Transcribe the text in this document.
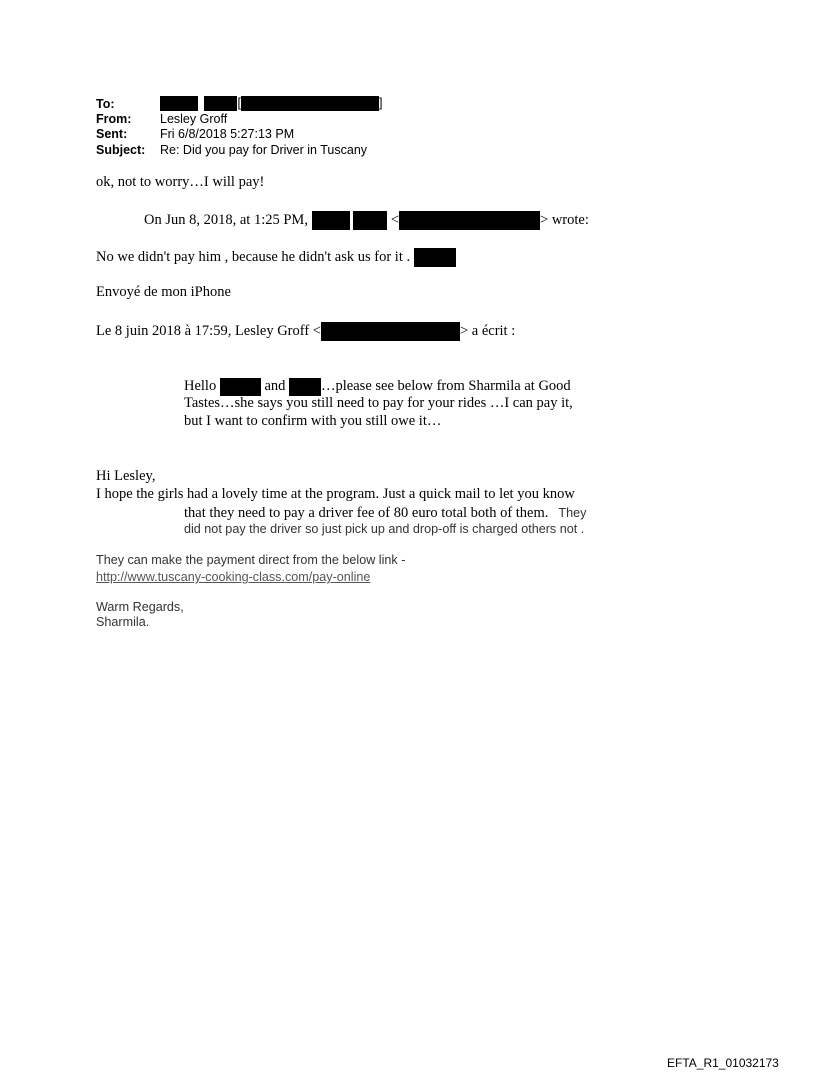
To:	[	]
From: Lesley Groff
Sent:	Fri 6/8/2018 5:27:13 PM
Subject: Re: Did you pay for Driver in Tuscany
ok, not to worry…I will pay!
On Jun 8, 2018, at 1:25 PM,	<	> wrote:
No we didn't pay him , because he didn't ask us for it .
Envoyé de mon iPhone
Le 8 juin 2018 à 17:59, Lesley Groff <	> a écrit :
Hello	and …please see below from Sharmila at Good
Tastes…she says you still need to pay for your rides …I can pay it,
but I want to confirm with you still owe it…
Hi Lesley,
I hope the girls had a lovely time at the program. Just a quick mail to let you know
that they need to pay a driver fee of 80 euro total both of them. They
did not pay the driver so just pick up and drop-off is charged others not .
They can make the payment direct from the below link -
http://www.tuscany-cooking-class.com/pay-online
Warm Regards,
Sharmila.
EFTA_R1_01032173
